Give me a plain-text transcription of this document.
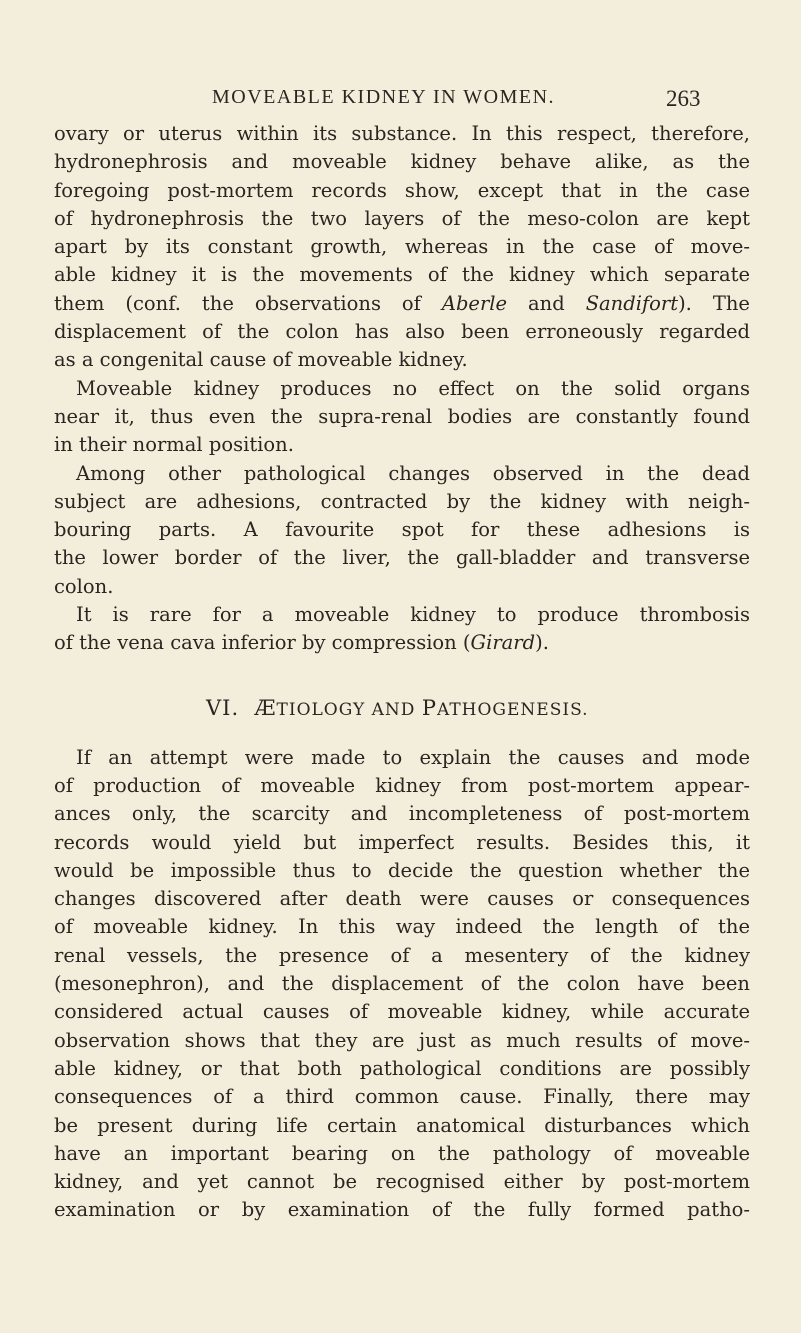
MOVEABLE KIDNEY IN WOMEN.	263
ovary or uterus within its substance. In this respect, therefore,
hydronephrosis and moveable kidney behave alike, as the
foregoing post-mortem records show, except that in the case
of hydronephrosis the two layers of the meso-colon are kept
apart by its constant growth, whereas in the case of move-
able kidney it is the movements of the kidney which separate
them (conf. the observations of Aberle and Sandifort). The
displacement of the colon has also been erroneously regarded
as a congenital cause of moveable kidney.
Moveable kidney produces no effect on the solid organs
near it, thus even the supra-renal bodies are constantly found
in their normal position.
Among other pathological changes observed in the dead
subject are adhesions, contracted by the kidney with neigh-
bouring parts. A favourite spot for these adhesions is
the lower border of the liver, the gall-bladder and transverse
colon.
It is rare for a moveable kidney to produce thrombosis
of the vena cava inferior by compression (Girard).
VI. ÆTIOLOGY AND PATHOGENESIS.
If an attempt were made to explain the causes and mode
of production of moveable kidney from post-mortem appear-
ances only, the scarcity and incompleteness of post-mortem
records would yield but imperfect results. Besides this, it
would be impossible thus to decide the question whether the
changes discovered after death were causes or consequences
of moveable kidney. In this way indeed the length of the
renal vessels, the presence of a mesentery of the kidney
(mesonephron), and the displacement of the colon have been
considered actual causes of moveable kidney, while accurate
observation shows that they are just as much results of move-
able kidney, or that both pathological conditions are possibly
consequences of a third common cause. Finally, there may
be present during life certain anatomical disturbances which
have an important bearing on the pathology of moveable
kidney, and yet cannot be recognised either by post-mortem
examination or by examination of the fully formed patho-
